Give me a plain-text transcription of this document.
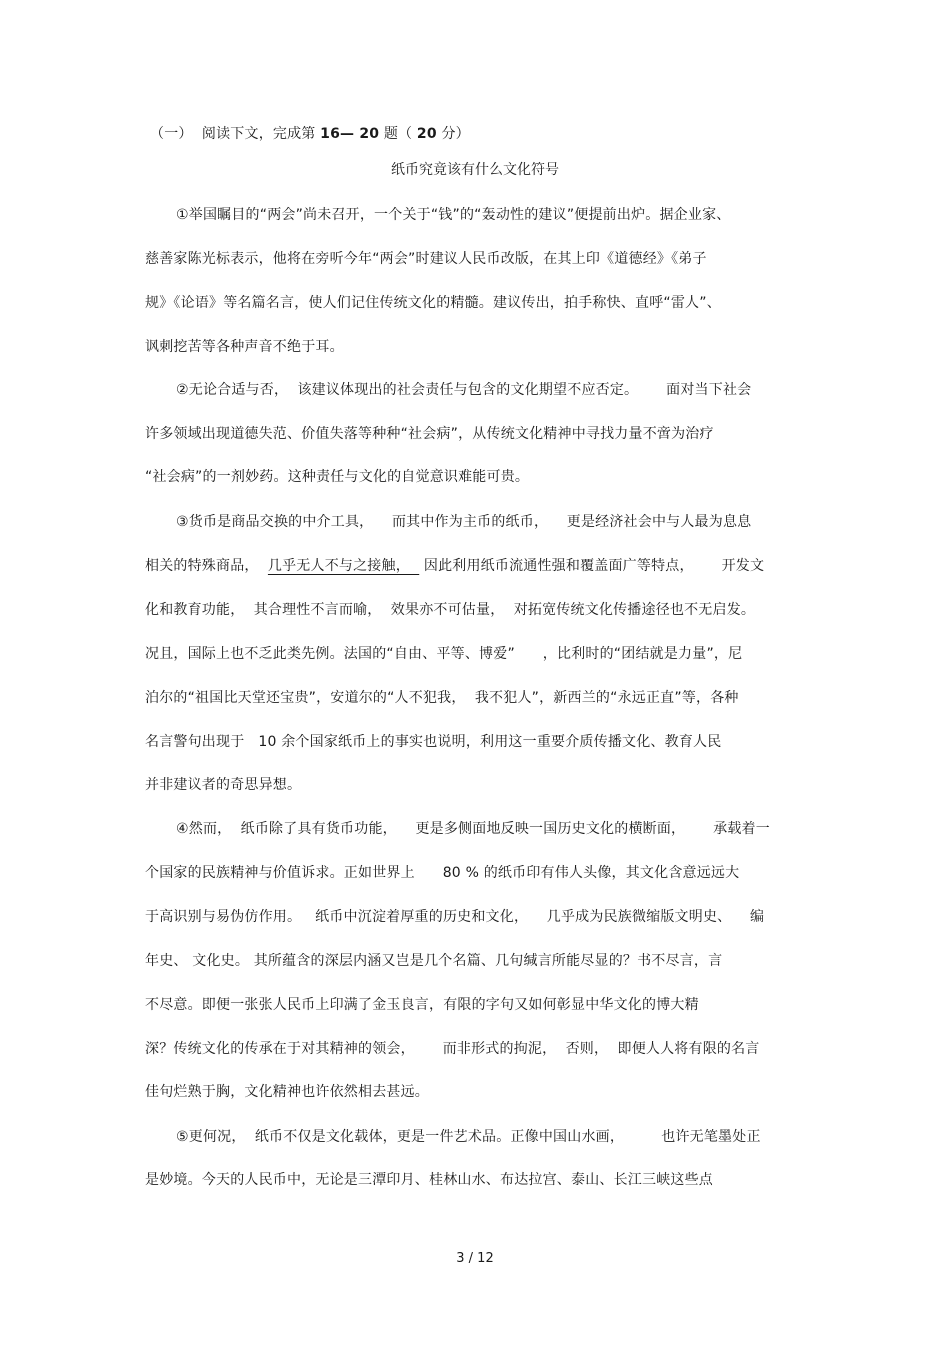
（一）  阅读下文，完成第 16— 20 题（ 20 分）
纸币究竟该有什么文化符号
①举国瞩目的“两会”尚未召开，一个关于“钱”的“轰动性的建议”便提前出炉。据企业家、
慈善家陈光标表示，他将在旁听今年“两会”时建议人民币改版，在其上印《道德经》《弟子
规》《论语》等名篇名言，使人们记住传统文化的精髓。建议传出，拍手称快、直呼“雷人”、
讽刺挖苦等各种声音不绝于耳。
②无论合适与否，  该建议体现出的社会责任与包含的文化期望不应否定。      面对当下社会
许多领域出现道德失范、价值失落等种种“社会病”，从传统文化精神中寻找力量不啻为治疗
“社会病”的一剂妙药。这种责任与文化的自觉意识难能可贵。
③货币是商品交换的中介工具，    而其中作为主币的纸币，    更是经济社会中与人最为息息
相关的特殊商品，  几乎无人不与之接触，   因此利用纸币流通性强和覆盖面广等特点，      开发文
化和教育功能，  其合理性不言而喻，  效果亦不可估量，  对拓宽传统文化传播途径也不无启发。
况且，国际上也不乏此类先例。法国的“自由、平等、博爱”      ，比利时的“团结就是力量”，尼
泊尔的“祖国比天堂还宝贵”，安道尔的“人不犯我，  我不犯人”，新西兰的“永远正直”等，各种
名言警句出现于   10 余个国家纸币上的事实也说明，利用这一重要介质传播文化、教育人民
并非建议者的奇思异想。
④然而，  纸币除了具有货币功能，    更是多侧面地反映一国历史文化的横断面，      承载着一
个国家的民族精神与价值诉求。正如世界上      80 % 的纸币印有伟人头像，其文化含意远远大
于高识别与易伪仿作用。   纸币中沉淀着厚重的历史和文化，    几乎成为民族微缩版文明史、    编
年史、 文化史。 其所蕴含的深层内涵又岂是几个名篇、几句缄言所能尽显的？书不尽言，言
不尽意。即便一张张人民币上印满了金玉良言，有限的字句又如何彰显中华文化的博大精
深？传统文化的传承在于对其精神的领会，      而非形式的拘泥，  否则，  即便人人将有限的名言
佳句烂熟于胸，文化精神也许依然相去甚远。
⑤更何况，  纸币不仅是文化载体，更是一件艺术品。正像中国山水画，        也许无笔墨处正
是妙境。今天的人民币中，无论是三潭印月、桂林山水、布达拉宫、泰山、长江三峡这些点
3 / 12
